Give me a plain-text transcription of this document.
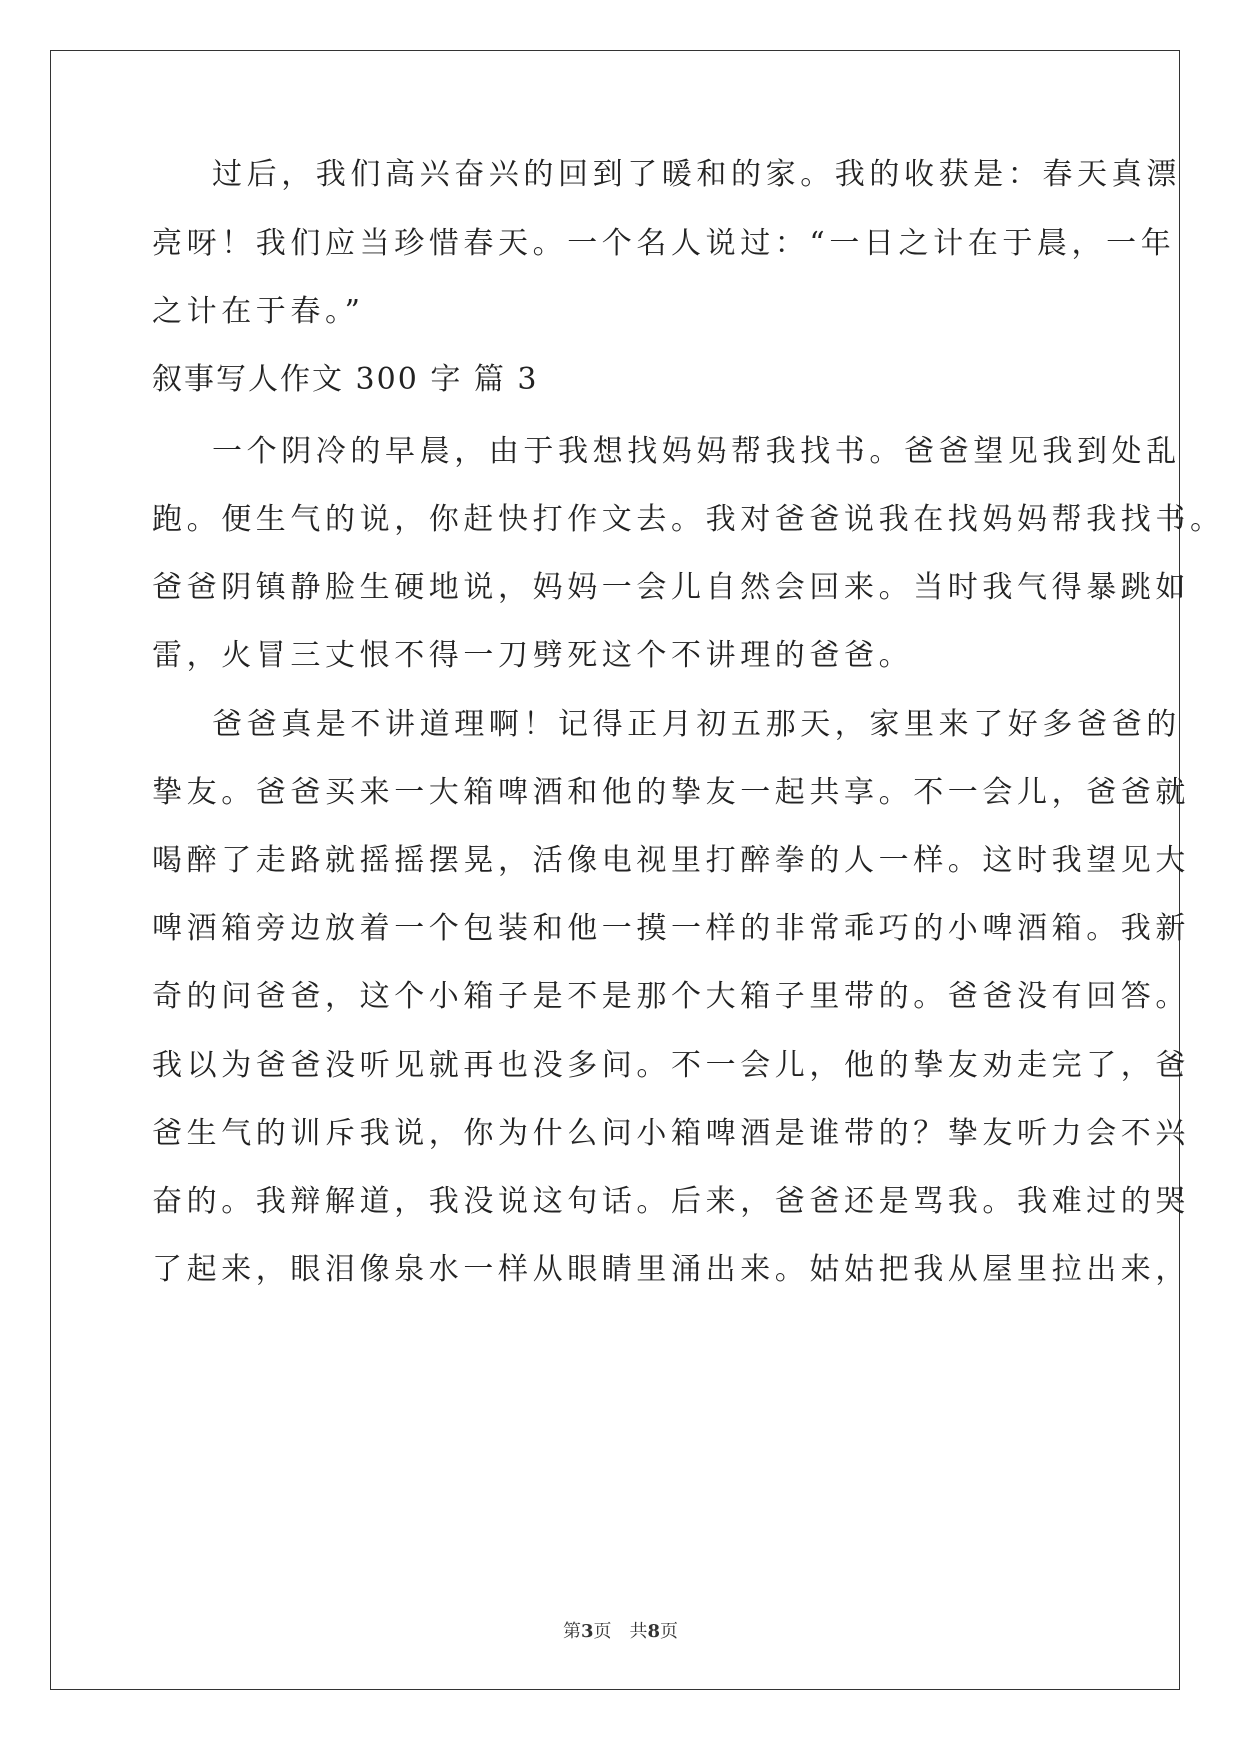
过后，我们高兴奋兴的回到了暖和的家。我的收获是：春天真漂
亮呀！我们应当珍惜春天。一个名人说过：“一日之计在于晨，一年
之计在于春。”
叙事写人作文 300 字 篇 3
一个阴冷的早晨，由于我想找妈妈帮我找书。爸爸望见我到处乱
跑。便生气的说，你赶快打作文去。我对爸爸说我在找妈妈帮我找书。
爸爸阴镇静脸生硬地说，妈妈一会儿自然会回来。当时我气得暴跳如
雷，火冒三丈恨不得一刀劈死这个不讲理的爸爸。
爸爸真是不讲道理啊！记得正月初五那天，家里来了好多爸爸的
挚友。爸爸买来一大箱啤酒和他的挚友一起共享。不一会儿，爸爸就
喝醉了走路就摇摇摆晃，活像电视里打醉拳的人一样。这时我望见大
啤酒箱旁边放着一个包装和他一摸一样的非常乖巧的小啤酒箱。我新
奇的问爸爸，这个小箱子是不是那个大箱子里带的。爸爸没有回答。
我以为爸爸没听见就再也没多问。不一会儿，他的挚友劝走完了，爸
爸生气的训斥我说，你为什么问小箱啤酒是谁带的？挚友听力会不兴
奋的。我辩解道，我没说这句话。后来，爸爸还是骂我。我难过的哭
了起来，眼泪像泉水一样从眼睛里涌出来。姑姑把我从屋里拉出来，
第3页 共8页
